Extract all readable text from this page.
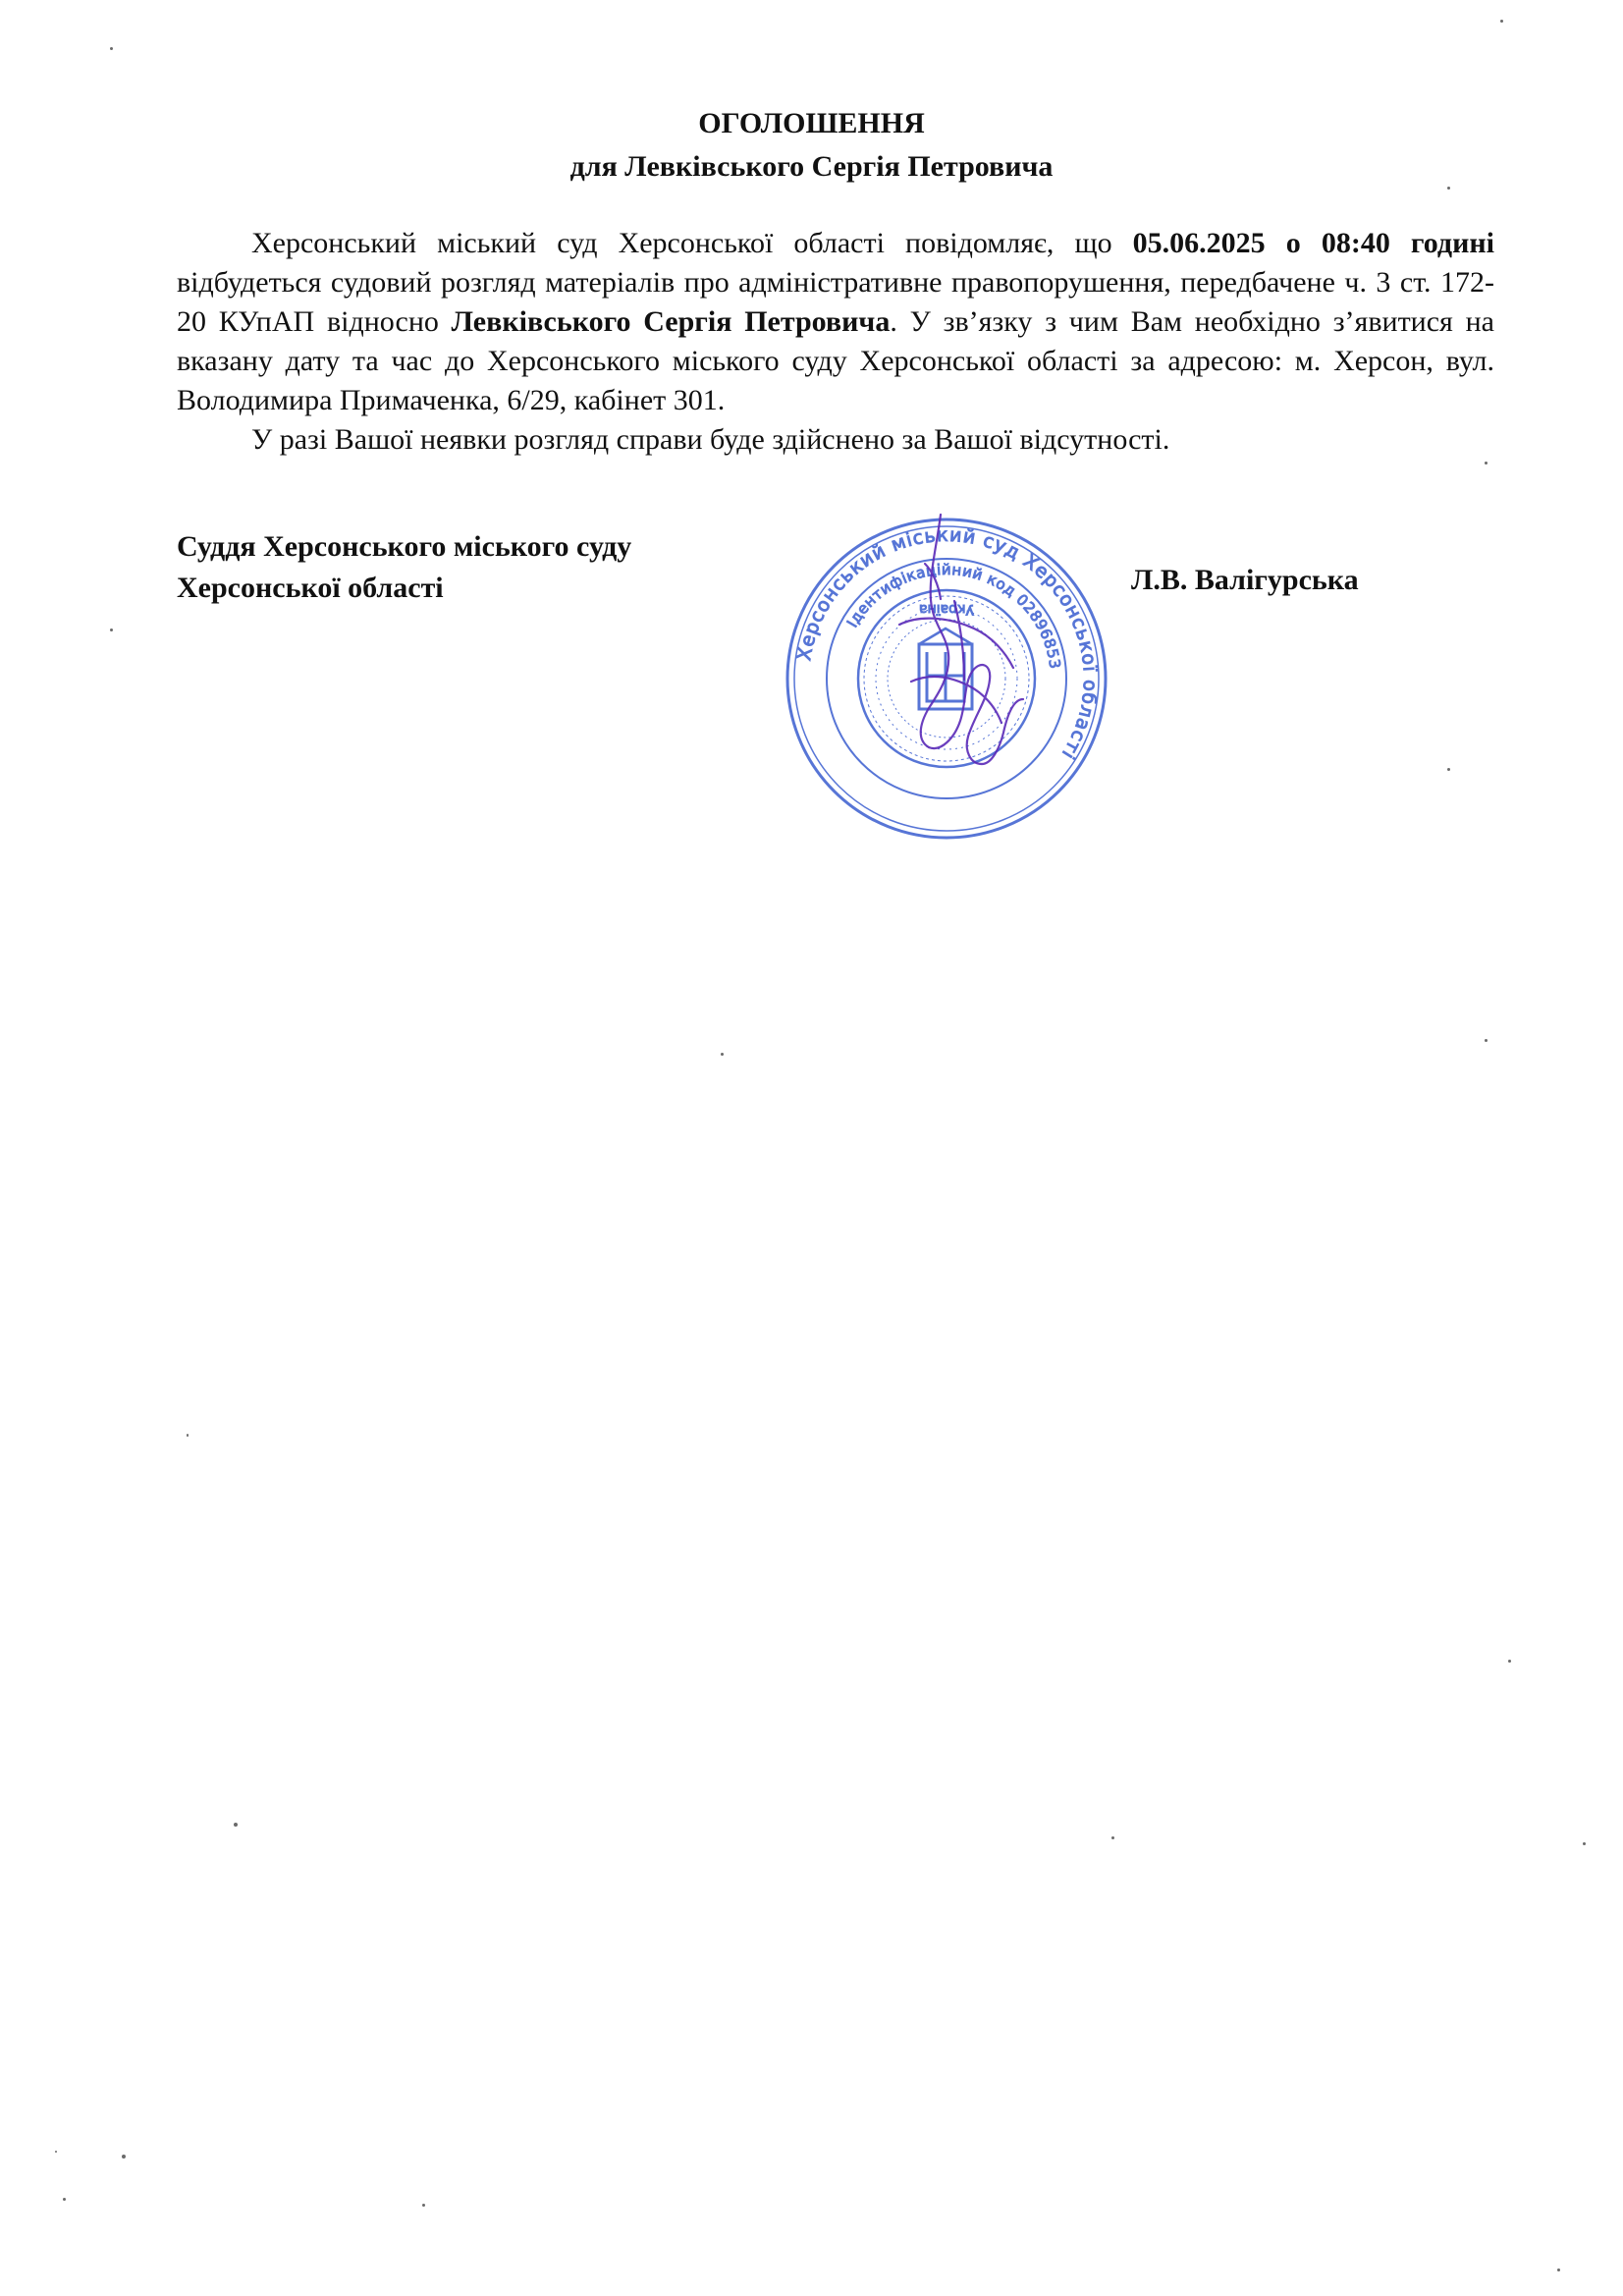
ОГОЛОШЕННЯ
для Левківського Сергія Петровича

Херсонський міський суд Херсонської області повідомляє, що 05.06.2025 о 08:40 годині відбудеться судовий розгляд матеріалів про адміністративне правопорушення, передбачене ч. 3 ст. 172-20 КУпАП відносно Левківського Сергія Петровича. У зв’язку з чим Вам необхідно з’явитися на вказану дату та час до Херсонського міського суду Херсонської області за адресою: м. Херсон, вул. Володимира Примаченка, 6/29, кабінет 301.

У разі Вашої неявки розгляд справи буде здійснено за Вашої відсутності.

Суддя Херсонського міського суду
Херсонської області	Л.В. Валігурська
Херсонський міський суд Херсонської області
Ідентифікаційний код 02896853
Україна
